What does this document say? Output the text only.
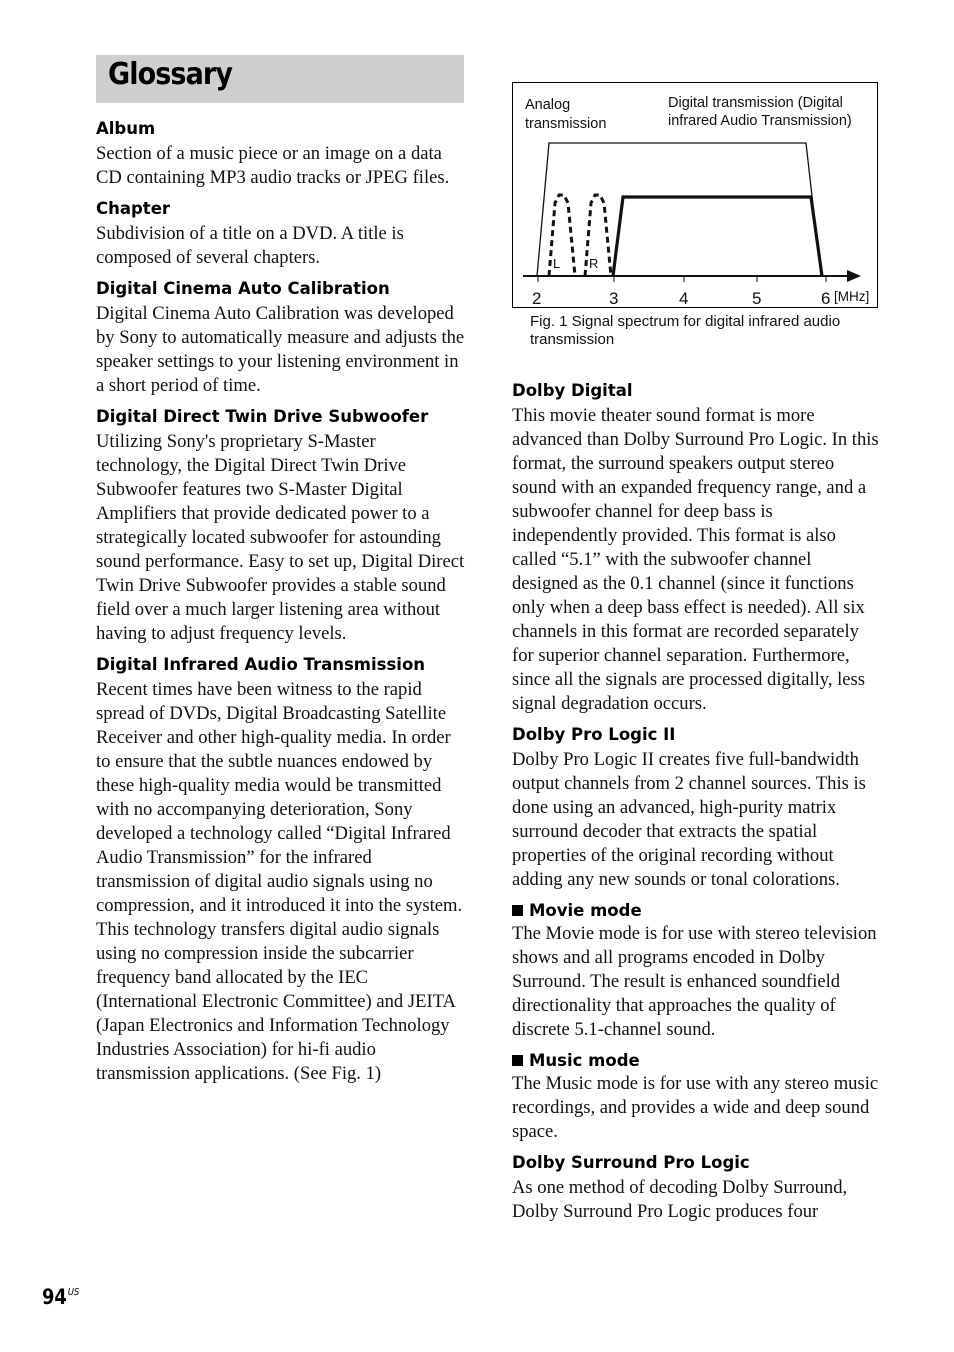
Glossary

Album

Section of a music piece or an image on a data CD containing MP3 audio tracks or JPEG files.

Chapter

Subdivision of a title on a DVD. A title is composed of several chapters.

Digital Cinema Auto Calibration

Digital Cinema Auto Calibration was developed by Sony to automatically measure and adjusts the speaker settings to your listening environment in a short period of time.

Digital Direct Twin Drive Subwoofer

Utilizing Sony's proprietary S-Master technology, the Digital Direct Twin Drive Subwoofer features two S-Master Digital Amplifiers that provide dedicated power to a strategically located subwoofer for astounding sound performance. Easy to set up, Digital Direct Twin Drive Subwoofer provides a stable sound field over a much larger listening area without having to adjust frequency levels.

Digital Infrared Audio Transmission

Recent times have been witness to the rapid spread of DVDs, Digital Broadcasting Satellite Receiver and other high-quality media. In order to ensure that the subtle nuances endowed by these high-quality media would be transmitted with no accompanying deterioration, Sony developed a technology called “Digital Infrared Audio Transmission” for the infrared transmission of digital audio signals using no compression, and it introduced it into the system.

This technology transfers digital audio signals using no compression inside the subcarrier frequency band allocated by the IEC (International Electronic Committee) and JEITA (Japan Electronics and Information Technology Industries Association) for hi-fi audio transmission applications. (See Fig. 1)

Analog
transmission
Digital transmission (Digital
infrared Audio Transmission)
L R
2	3	4	5	6 [MHz]
Fig. 1 Signal spectrum for digital infrared audio transmission

Dolby Digital

This movie theater sound format is more advanced than Dolby Surround Pro Logic. In this format, the surround speakers output stereo sound with an expanded frequency range, and a subwoofer channel for deep bass is independently provided. This format is also called “5.1” with the subwoofer channel designed as the 0.1 channel (since it functions only when a deep bass effect is needed). All six channels in this format are recorded separately for superior channel separation. Furthermore, since all the signals are processed digitally, less signal degradation occurs.

Dolby Pro Logic II

Dolby Pro Logic II creates five full-bandwidth output channels from 2 channel sources. This is done using an advanced, high-purity matrix surround decoder that extracts the spatial properties of the original recording without adding any new sounds or tonal colorations.

Movie mode

The Movie mode is for use with stereo television shows and all programs encoded in Dolby Surround. The result is enhanced soundfield directionality that approaches the quality of discrete 5.1-channel sound.

Music mode

The Music mode is for use with any stereo music recordings, and provides a wide and deep sound space.

Dolby Surround Pro Logic

As one method of decoding Dolby Surround, Dolby Surround Pro Logic produces four

$94^{US}$
